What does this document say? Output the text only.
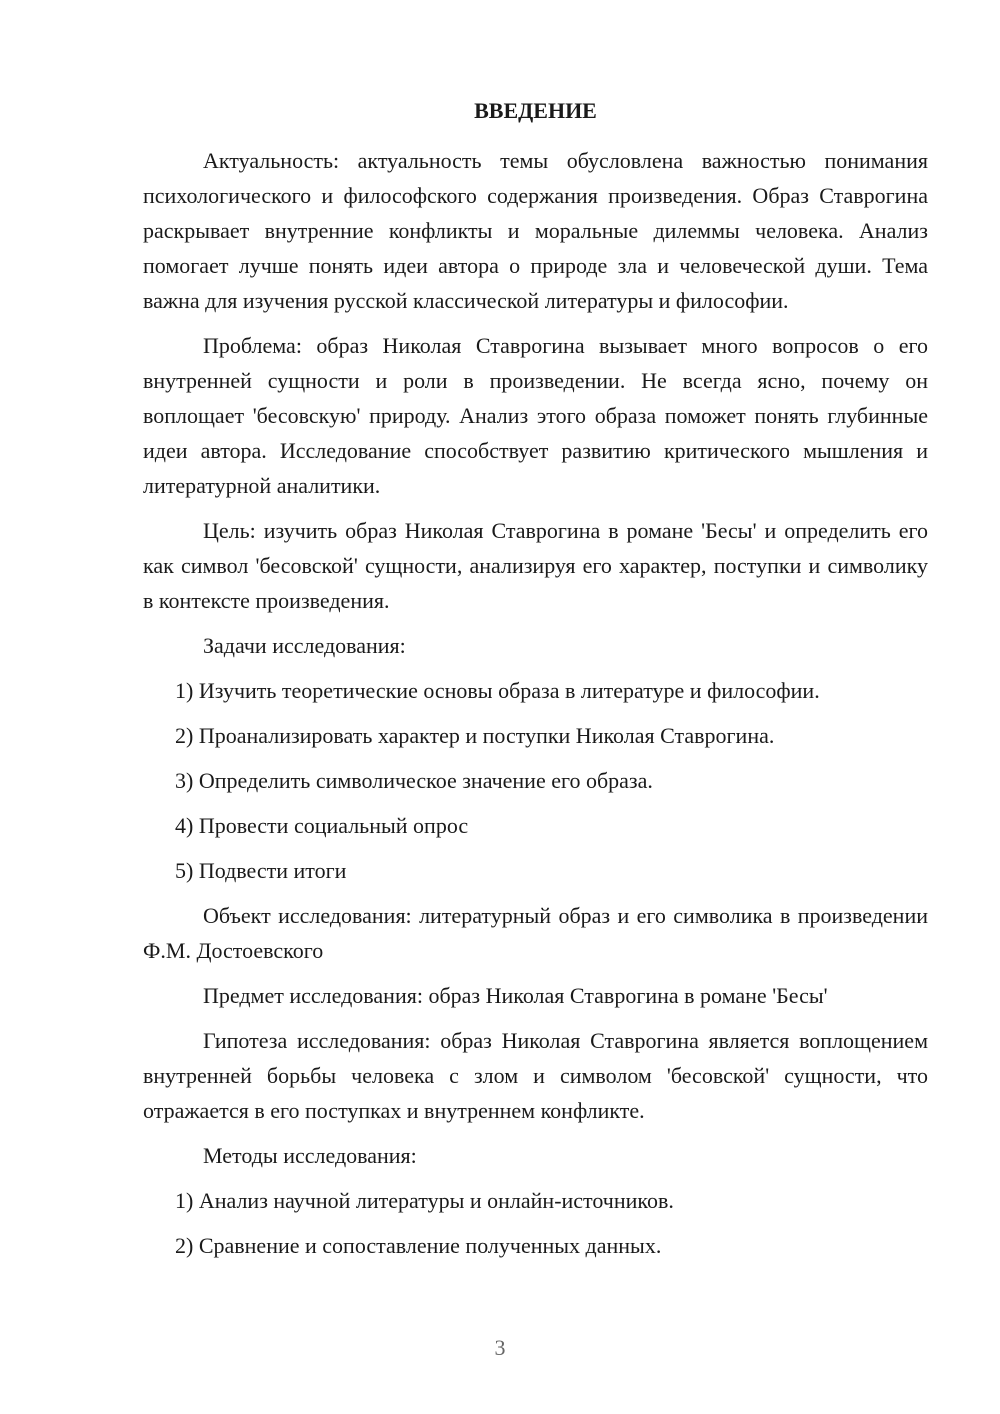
ВВЕДЕНИЕ

Актуальность: актуальность темы обусловлена важностью понимания психологического и философского содержания произведения. Образ Ставрогина раскрывает внутренние конфликты и моральные дилеммы человека. Анализ помогает лучше понять идеи автора о природе зла и человеческой души. Тема важна для изучения русской классической литературы и философии.

Проблема: образ Николая Ставрогина вызывает много вопросов о его внутренней сущности и роли в произведении. Не всегда ясно, почему он воплощает 'бесовскую' природу. Анализ этого образа поможет понять глубинные идеи автора. Исследование способствует развитию критического мышления и литературной аналитики.

Цель: изучить образ Николая Ставрогина в романе 'Бесы' и определить его как символ 'бесовской' сущности, анализируя его характер, поступки и символику в контексте произведения.

Задачи исследования:

1) Изучить теоретические основы образа в литературе и философии.

2) Проанализировать характер и поступки Николая Ставрогина.

3) Определить символическое значение его образа.

4) Провести социальный опрос

5) Подвести итоги

Объект исследования: литературный образ и его символика в произведении Ф.М. Достоевского

Предмет исследования: образ Николая Ставрогина в романе 'Бесы'

Гипотеза исследования: образ Николая Ставрогина является воплощением внутренней борьбы человека с злом и символом 'бесовской' сущности, что отражается в его поступках и внутреннем конфликте.

Методы исследования:

1) Анализ научной литературы и онлайн-источников.

2) Сравнение и сопоставление полученных данных.

3
